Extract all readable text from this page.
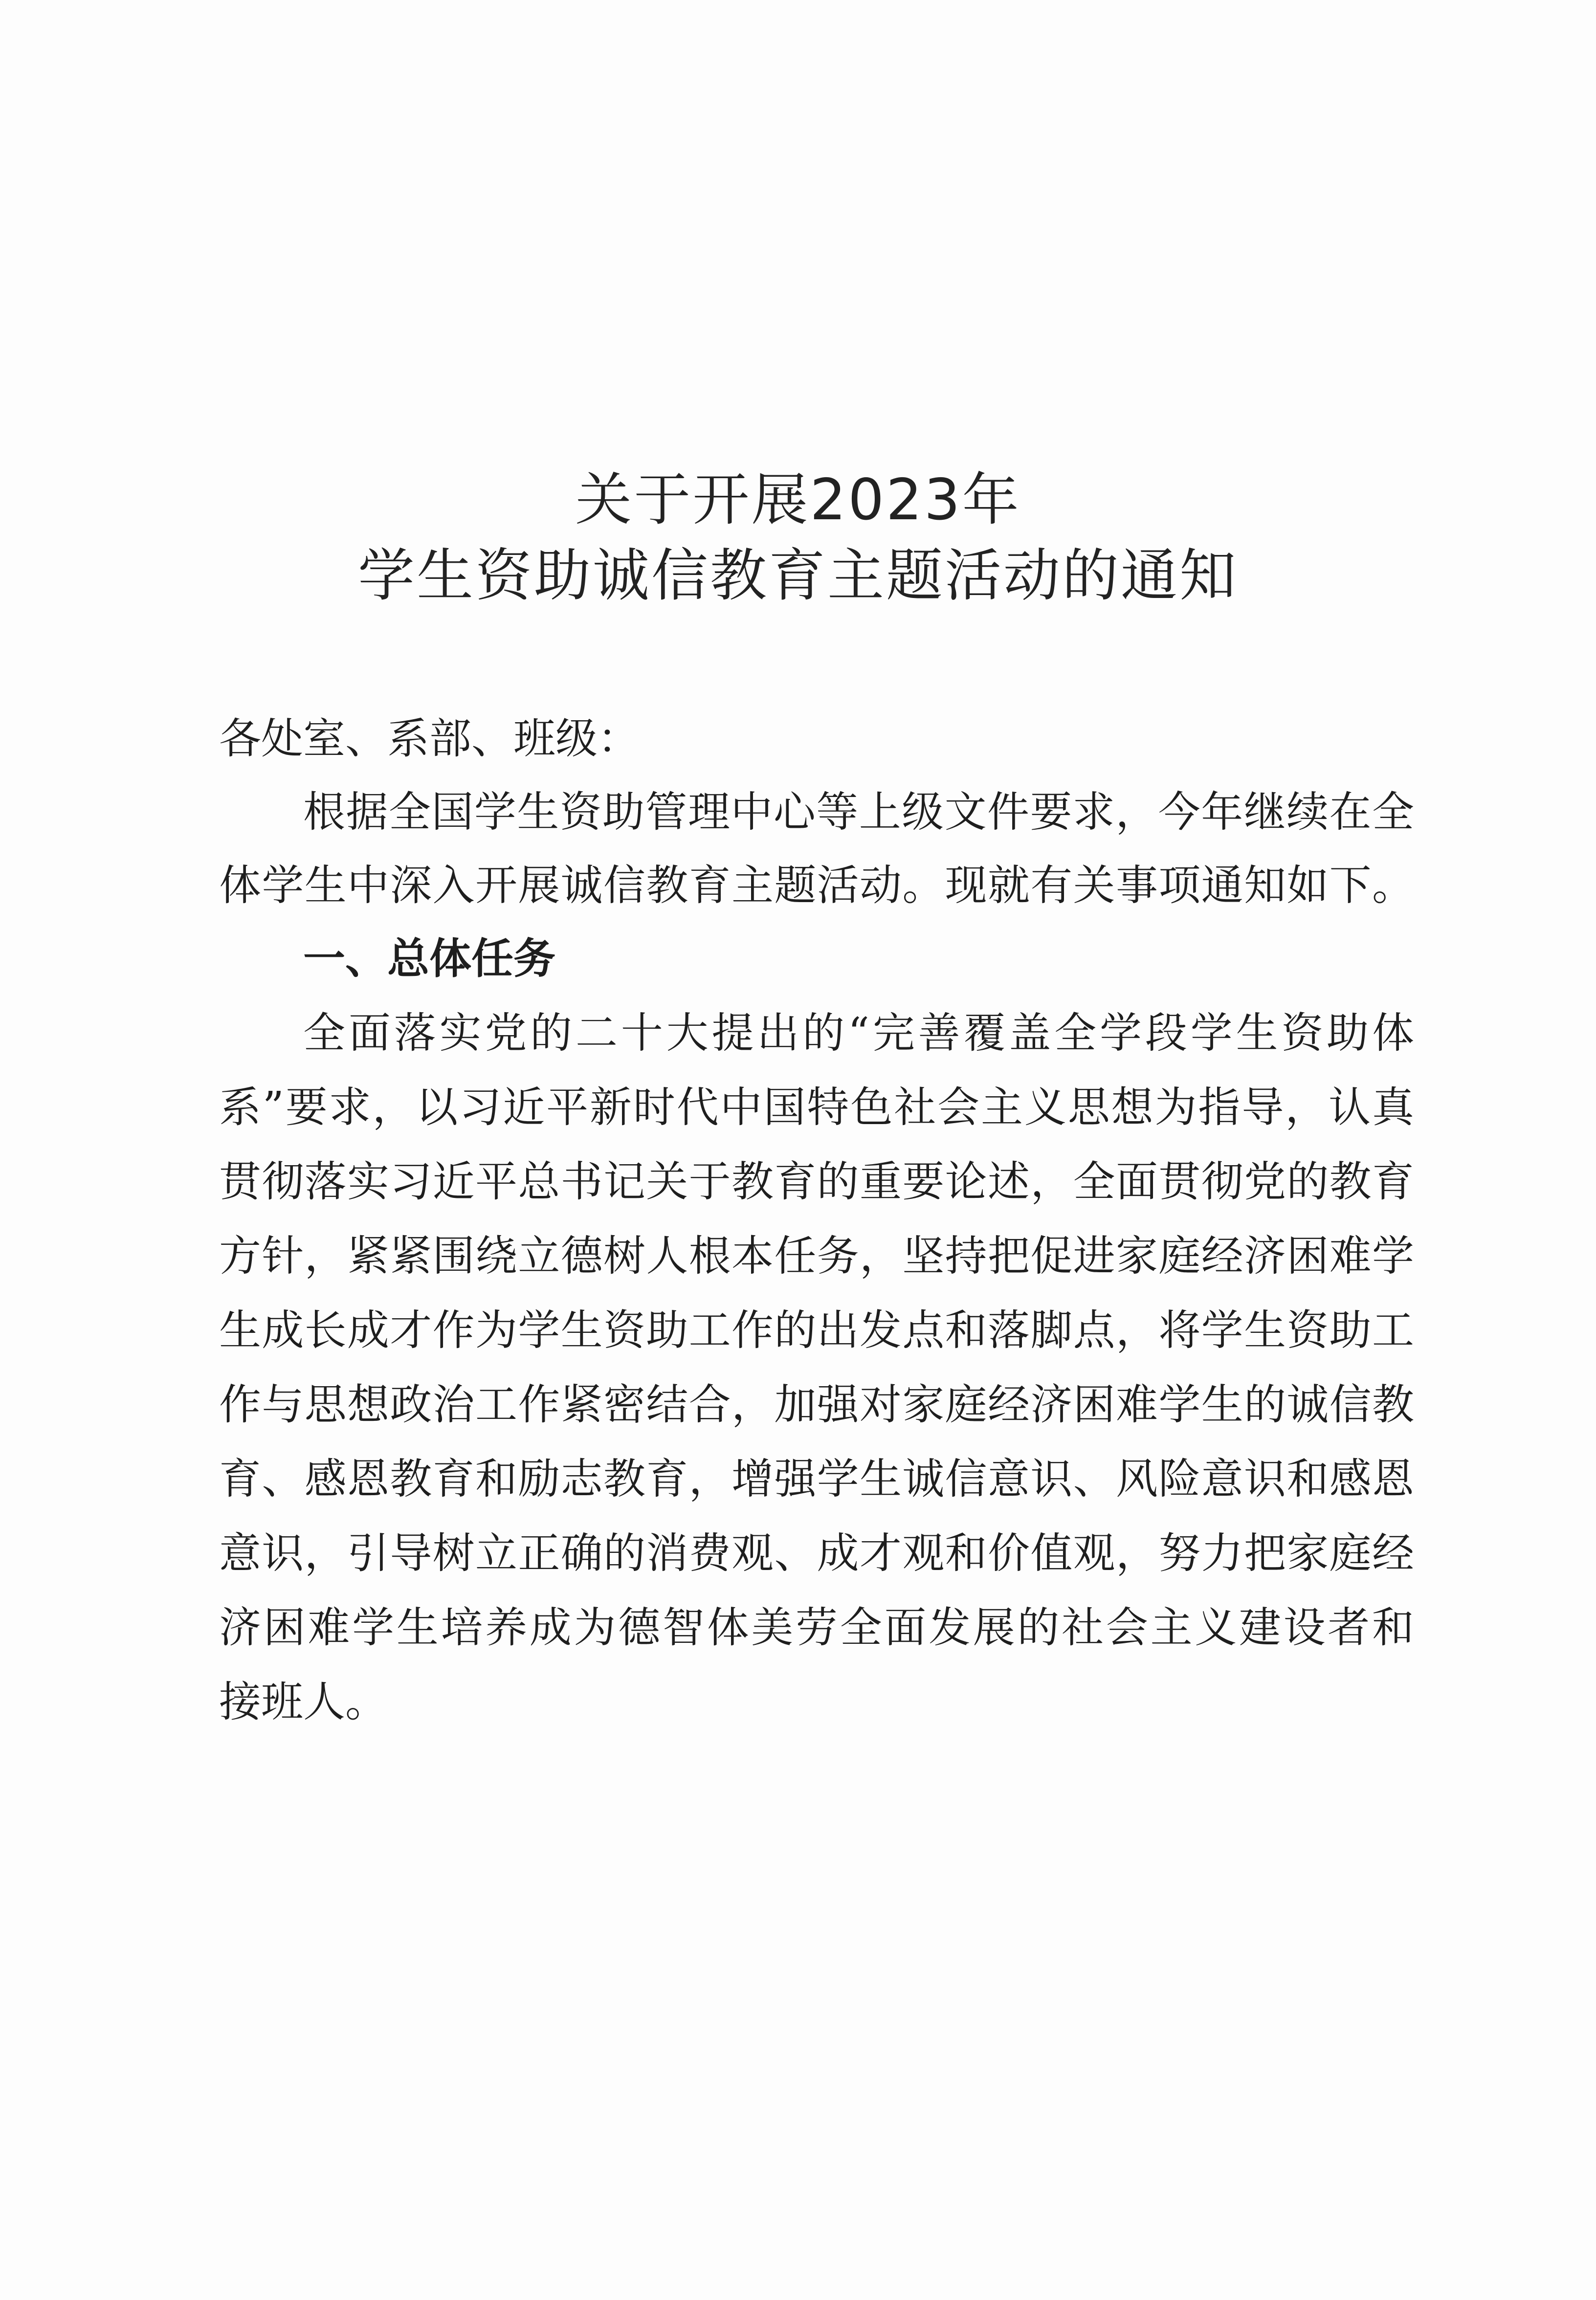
关于开展2023年
学生资助诚信教育主题活动的通知
各处室、系部、班级：
根据全国学生资助管理中心等上级文件要求，今年继续在全
体学生中深入开展诚信教育主题活动。现就有关事项通知如下。
一、总体任务
全面落实党的二十大提出的“完善覆盖全学段学生资助体
系”要求，以习近平新时代中国特色社会主义思想为指导，认真
贯彻落实习近平总书记关于教育的重要论述，全面贯彻党的教育
方针，紧紧围绕立德树人根本任务，坚持把促进家庭经济困难学
生成长成才作为学生资助工作的出发点和落脚点，将学生资助工
作与思想政治工作紧密结合，加强对家庭经济困难学生的诚信教
育、感恩教育和励志教育，增强学生诚信意识、风险意识和感恩
意识，引导树立正确的消费观、成才观和价值观，努力把家庭经
济困难学生培养成为德智体美劳全面发展的社会主义建设者和
接班人。
